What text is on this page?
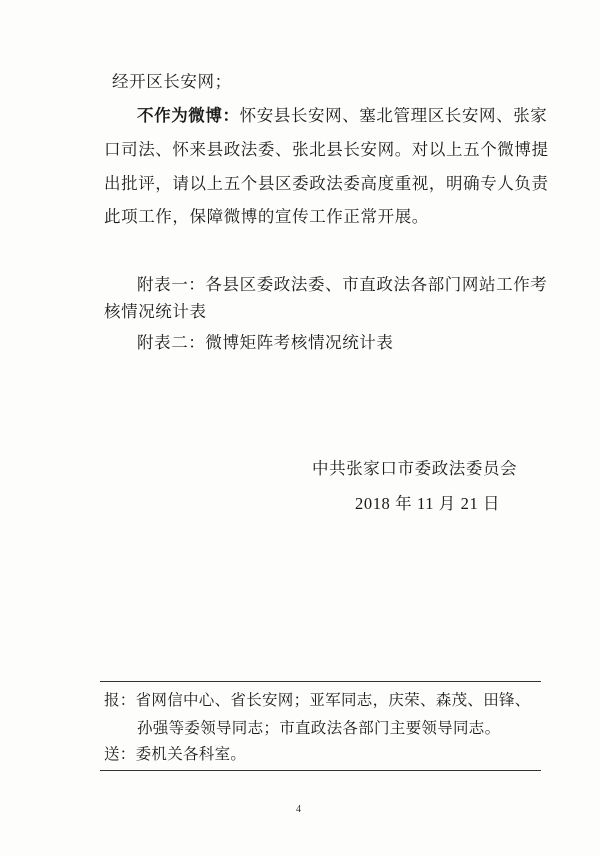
经开区长安网；
不作为微博：怀安县长安网、塞北管理区长安网、张家
口司法、怀来县政法委、张北县长安网。对以上五个微博提
出批评，请以上五个县区委政法委高度重视，明确专人负责
此项工作，保障微博的宣传工作正常开展。
附表一：各县区委政法委、市直政法各部门网站工作考
核情况统计表
附表二：微博矩阵考核情况统计表
中共张家口市委政法委员会
2018 年 11 月 21 日
报：省网信中心、省长安网；亚军同志，庆荣、森茂、田锋、
孙强等委领导同志；市直政法各部门主要领导同志。
送：委机关各科室。
4
